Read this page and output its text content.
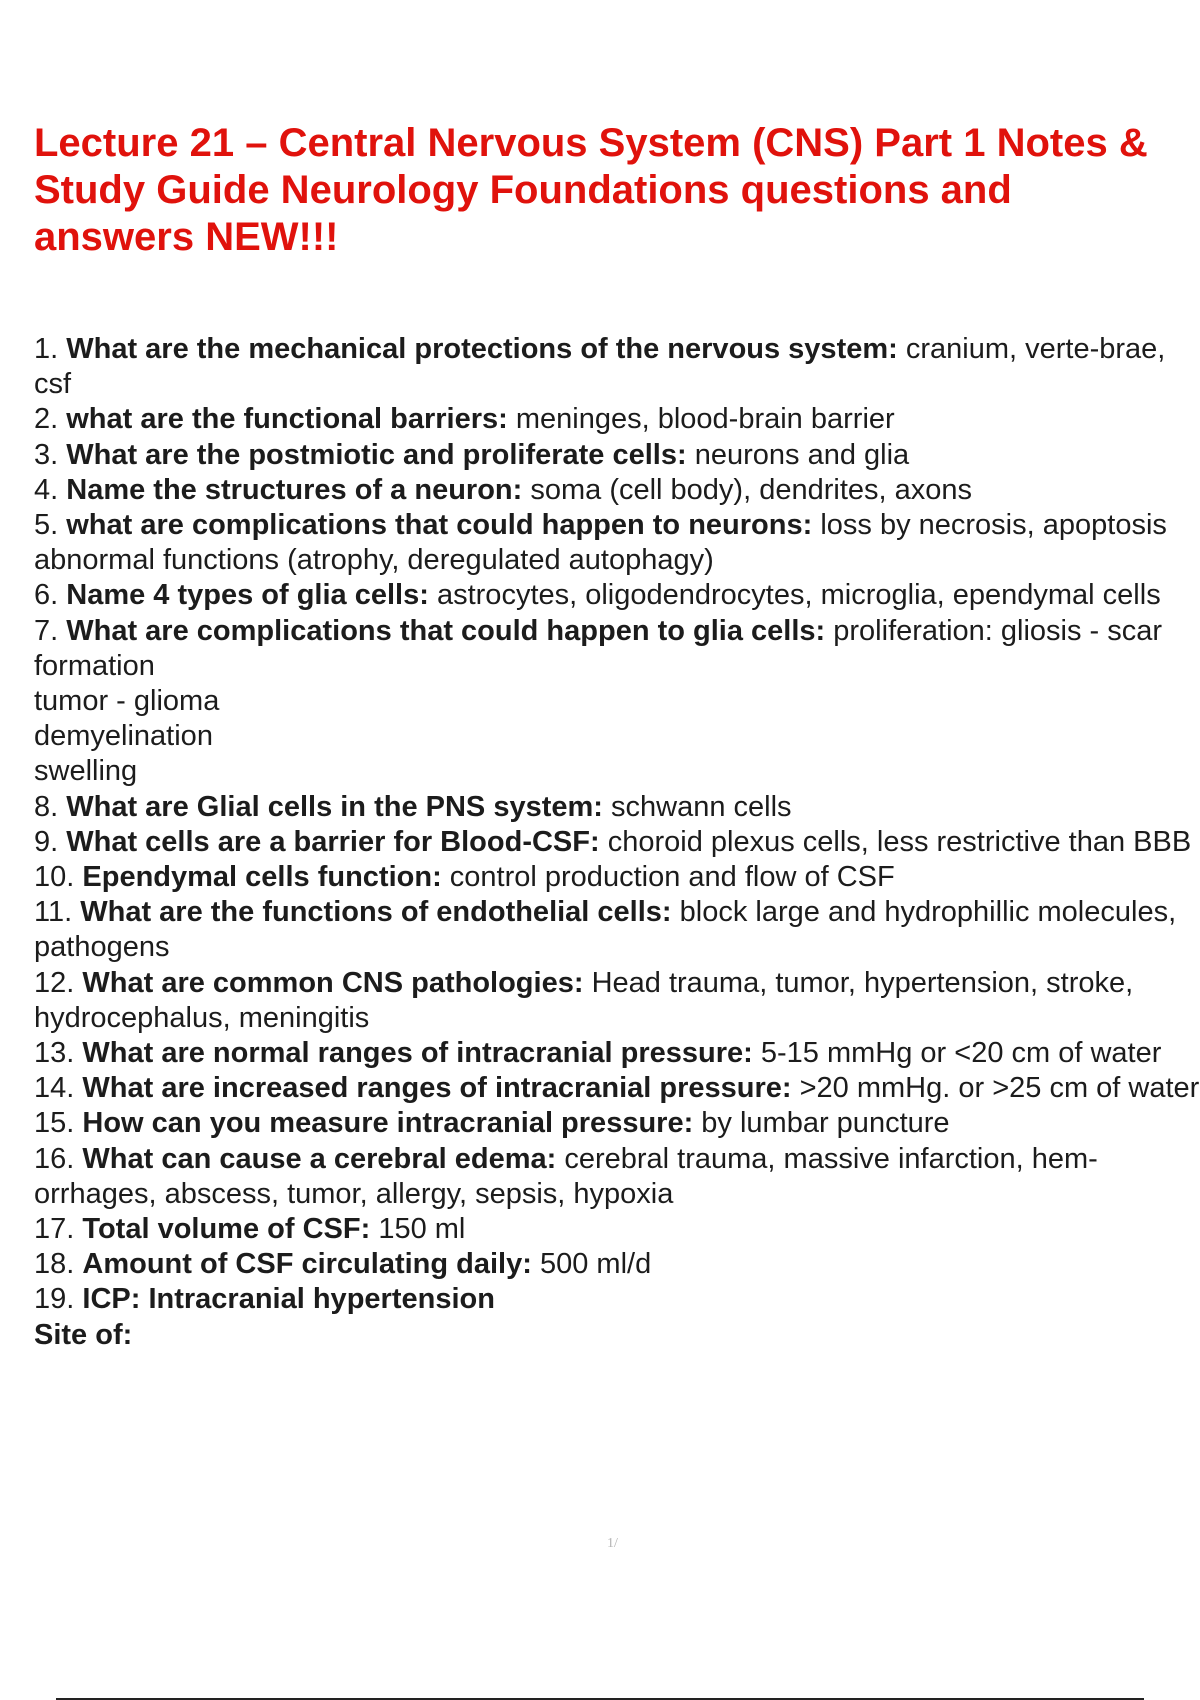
Lecture 21 – Central Nervous System (CNS) Part 1 Notes & Study Guide Neurology Foundations questions and answers NEW!!!

1. What are the mechanical protections of the nervous system: cranium, verte-brae, csf

2. what are the functional barriers: meninges, blood-brain barrier

3. What are the postmiotic and proliferate cells: neurons and glia

4. Name the structures of a neuron: soma (cell body), dendrites, axons

5. what are complications that could happen to neurons: loss by necrosis, apoptosis

abnormal functions (atrophy, deregulated autophagy)

6. Name 4 types of glia cells: astrocytes, oligodendrocytes, microglia, ependymal cells

7. What are complications that could happen to glia cells: proliferation: gliosis - scar formation

tumor - glioma

demyelination

swelling

8. What are Glial cells in the PNS system: schwann cells

9. What cells are a barrier for Blood-CSF: choroid plexus cells, less restrictive than BBB

10. Ependymal cells function: control production and flow of CSF

11. What are the functions of endothelial cells: block large and hydrophillic molecules, pathogens

12. What are common CNS pathologies: Head trauma, tumor, hypertension, stroke, hydrocephalus, meningitis

13. What are normal ranges of intracranial pressure: 5-15 mmHg or <20 cm of water

14. What are increased ranges of intracranial pressure: >20 mmHg. or >25 cm of water

15. How can you measure intracranial pressure: by lumbar puncture

16. What can cause a cerebral edema: cerebral trauma, massive infarction, hem-orrhages, abscess, tumor, allergy, sepsis, hypoxia

17. Total volume of CSF: 150 ml

18. Amount of CSF circulating daily: 500 ml/d

19. ICP: Intracranial hypertension

Site of:

1/
